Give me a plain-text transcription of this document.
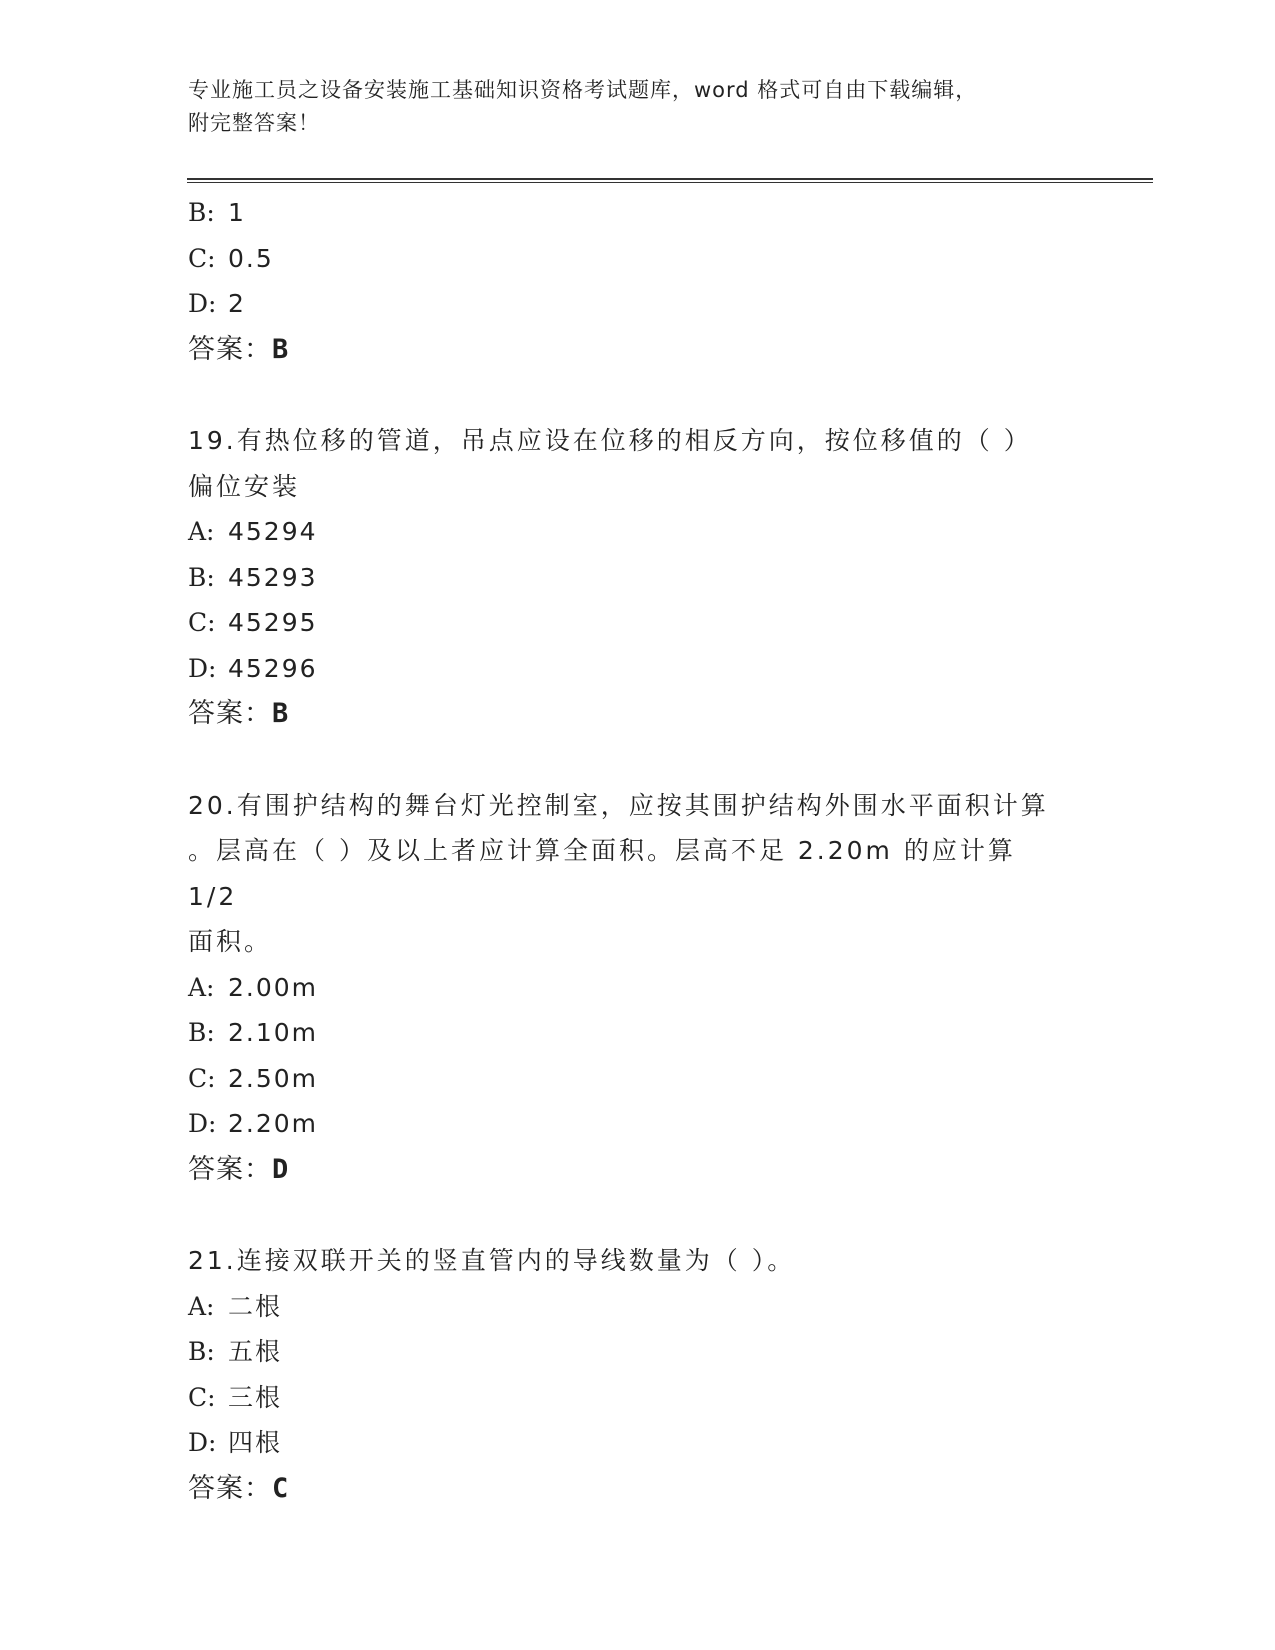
专业施工员之设备安装施工基础知识资格考试题库，word 格式可自由下载编辑，
附完整答案！
B: 1
C: 0.5
D: 2
答案：B
19.有热位移的管道，吊点应设在位移的相反方向，按位移值的（ ）
偏位安装
A: 45294
B: 45293
C: 45295
D: 45296
答案：B
20.有围护结构的舞台灯光控制室，应按其围护结构外围水平面积计算
。层高在（ ）及以上者应计算全面积。层高不足 2.20m 的应计算 1/2
面积。
A: 2.00m
B: 2.10m
C: 2.50m
D: 2.20m
答案：D
21.连接双联开关的竖直管内的导线数量为（ ）。
A: 二根
B: 五根
C: 三根
D: 四根
答案：C
